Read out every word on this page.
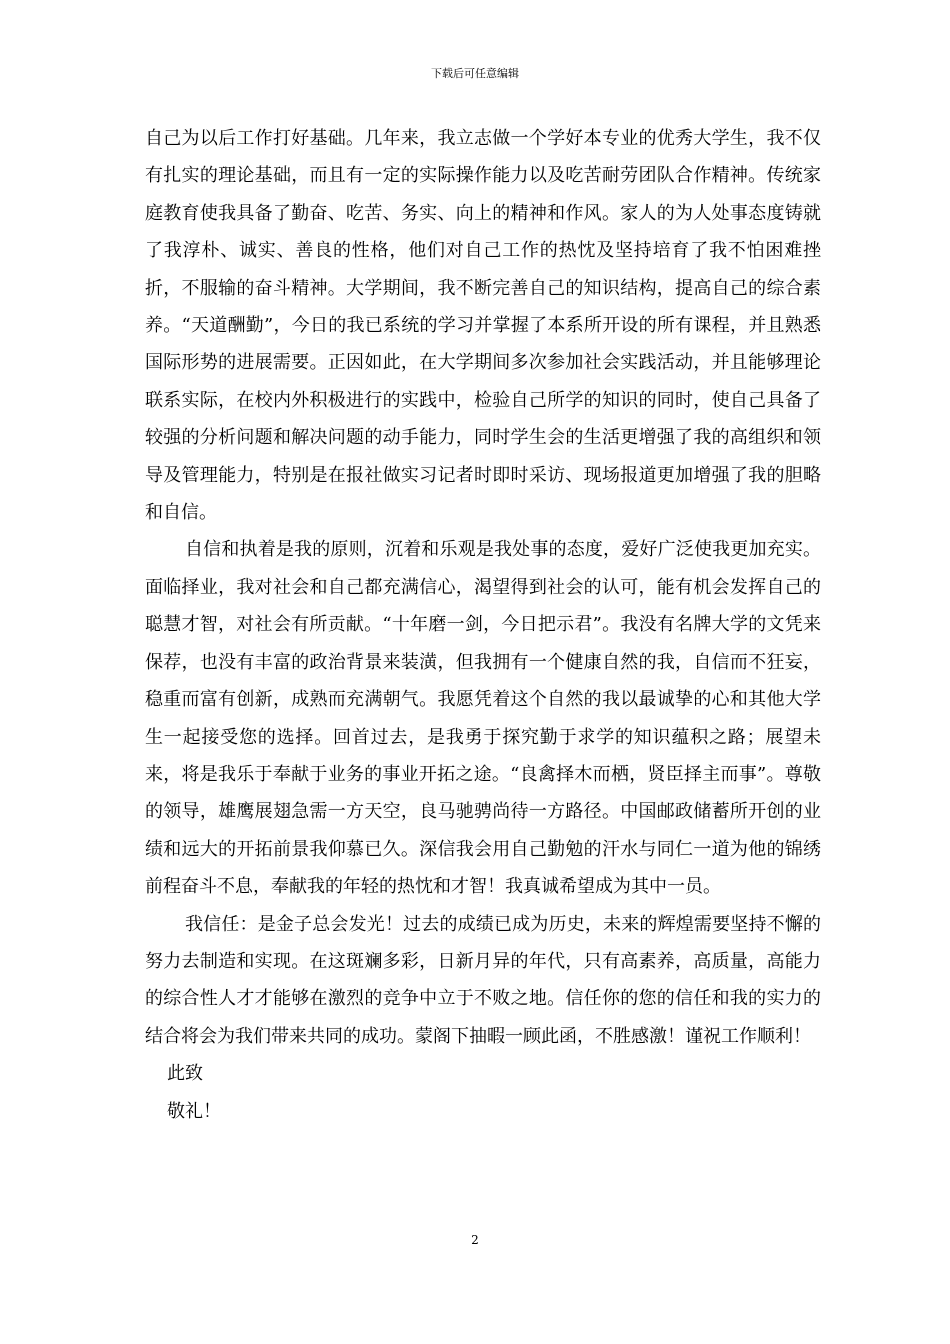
下载后可任意编辑

自己为以后工作打好基础。几年来，我立志做一个学好本专业的优秀大学生，我不仅有扎实的理论基础，而且有一定的实际操作能力以及吃苦耐劳团队合作精神。传统家庭教育使我具备了勤奋、吃苦、务实、向上的精神和作风。家人的为人处事态度铸就了我淳朴、诚实、善良的性格，他们对自己工作的热忱及坚持培育了我不怕困难挫折，不服输的奋斗精神。大学期间，我不断完善自己的知识结构，提高自己的综合素养。“天道酬勤”，今日的我已系统的学习并掌握了本系所开设的所有课程，并且熟悉国际形势的进展需要。正因如此，在大学期间多次参加社会实践活动，并且能够理论联系实际，在校内外积极进行的实践中，检验自己所学的知识的同时，使自己具备了较强的分析问题和解决问题的动手能力，同时学生会的生活更增强了我的高组织和领导及管理能力，特别是在报社做实习记者时即时采访、现场报道更加增强了我的胆略和自信。

自信和执着是我的原则，沉着和乐观是我处事的态度，爱好广泛使我更加充实。面临择业，我对社会和自己都充满信心，渴望得到社会的认可，能有机会发挥自己的聪慧才智，对社会有所贡献。“十年磨一剑，今日把示君”。我没有名牌大学的文凭来保荐，也没有丰富的政治背景来装潢，但我拥有一个健康自然的我，自信而不狂妄，稳重而富有创新，成熟而充满朝气。我愿凭着这个自然的我以最诚挚的心和其他大学生一起接受您的选择。回首过去，是我勇于探究勤于求学的知识蕴积之路；展望未来，将是我乐于奉献于业务的事业开拓之途。“良禽择木而栖，贤臣择主而事”。尊敬的领导，雄鹰展翅急需一方天空，良马驰骋尚待一方路径。中国邮政储蓄所开创的业绩和远大的开拓前景我仰慕已久。深信我会用自己勤勉的汗水与同仁一道为他的锦绣前程奋斗不息，奉献我的年轻的热忱和才智！我真诚希望成为其中一员。

我信任：是金子总会发光！过去的成绩已成为历史，未来的辉煌需要坚持不懈的努力去制造和实现。在这斑斓多彩，日新月异的年代，只有高素养，高质量，高能力的综合性人才才能够在激烈的竞争中立于不败之地。信任你的您的信任和我的实力的结合将会为我们带来共同的成功。蒙阁下抽暇一顾此函，不胜感激！谨祝工作顺利！

此致

敬礼！

2
